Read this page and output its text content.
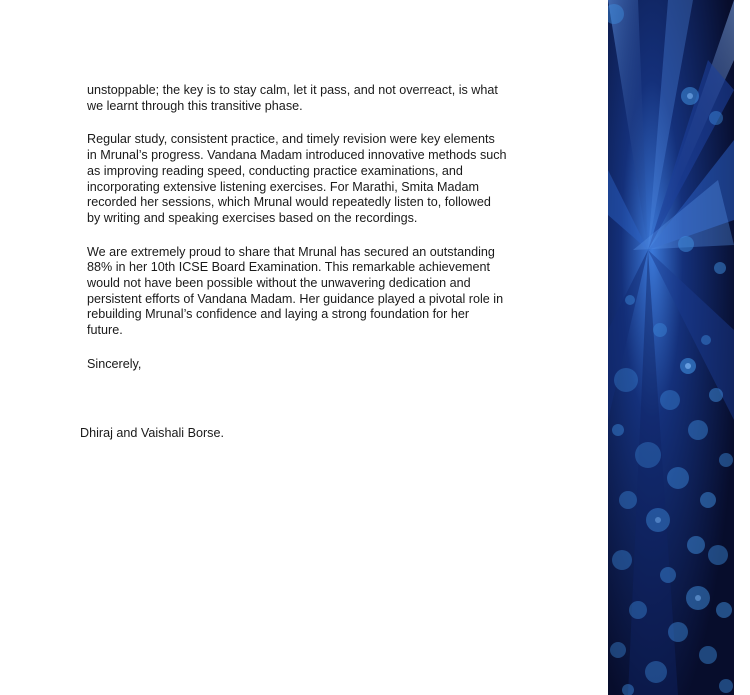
unstoppable; the key is to stay calm, let it pass, and not overreact, is what we learnt through this transitive phase.

Regular study, consistent practice, and timely revision were key elements in Mrunal’s progress. Vandana Madam introduced innovative methods such as improving reading speed, conducting practice examinations, and incorporating extensive listening exercises. For Marathi, Smita Madam recorded her sessions, which Mrunal would repeatedly listen to, followed by writing and speaking exercises based on the recordings.

We are extremely proud to share that Mrunal has secured an outstanding 88% in her 10th ICSE Board Examination. This remarkable achievement would not have been possible without the unwavering dedication and persistent efforts of Vandana Madam. Her guidance played a pivotal role in rebuilding Mrunal’s confidence and laying a strong foundation for her future.

Sincerely,

Dhiraj and Vaishali Borse.
